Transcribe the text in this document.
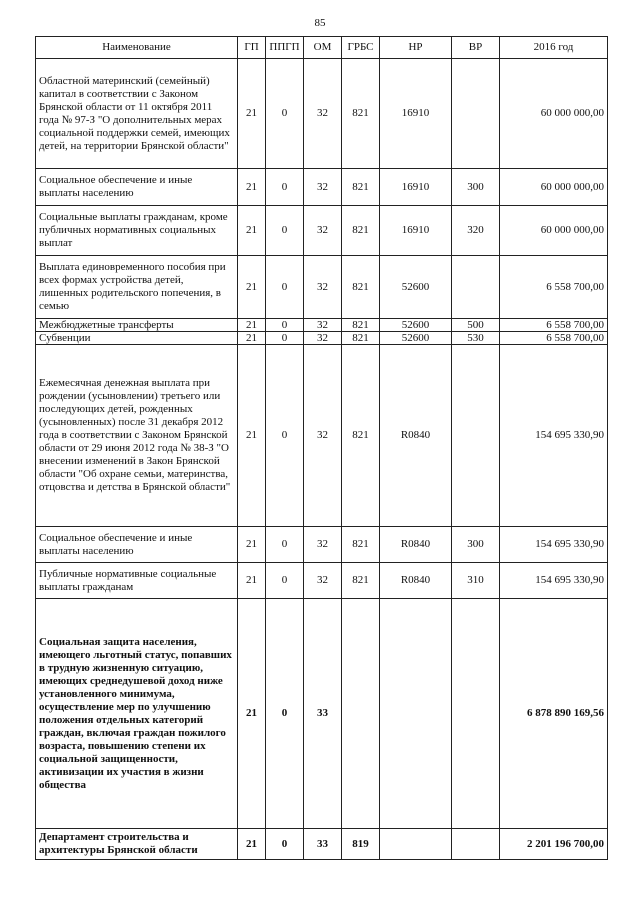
85
Наименование	ГП	ППГП	ОМ	ГРБС	НР	ВР	2016 год
Областной материнский (семейный) капитал в соответствии с Законом Брянской области от 11 октября 2011 года № 97-З "О дополнительных мерах социальной поддержки семей, имеющих детей, на территории Брянской области"	21	0	32	821	16910		60 000 000,00
Социальное обеспечение и иные выплаты населению	21	0	32	821	16910	300	60 000 000,00
Социальные выплаты гражданам, кроме публичных нормативных социальных выплат	21	0	32	821	16910	320	60 000 000,00
Выплата единовременного пособия при всех формах устройства детей, лишенных родительского попечения, в семью	21	0	32	821	52600		6 558 700,00
Межбюджетные трансферты	21	0	32	821	52600	500	6 558 700,00
Субвенции	21	0	32	821	52600	530	6 558 700,00
Ежемесячная денежная выплата при рождении (усыновлении) третьего или последующих детей, рожденных (усыновленных) после 31 декабря 2012 года в соответствии с Законом Брянской области от 29 июня 2012 года № 38-З "О внесении изменений в Закон Брянской области "Об охране семьи, материнства, отцовства и детства в Брянской области"	21	0	32	821	R0840		154 695 330,90
Социальное обеспечение и иные выплаты населению	21	0	32	821	R0840	300	154 695 330,90
Публичные нормативные социальные выплаты гражданам	21	0	32	821	R0840	310	154 695 330,90
Социальная защита населения, имеющего льготный статус, попавших в трудную жизненную ситуацию, имеющих среднедушевой доход ниже установленного минимума, осуществление мер по улучшению положения отдельных категорий граждан, включая граждан пожилого возраста, повышению степени их социальной защищенности, активизации их участия в жизни общества	21	0	33				6 878 890 169,56
Департамент строительства и архитектуры Брянской области	21	0	33	819			2 201 196 700,00
